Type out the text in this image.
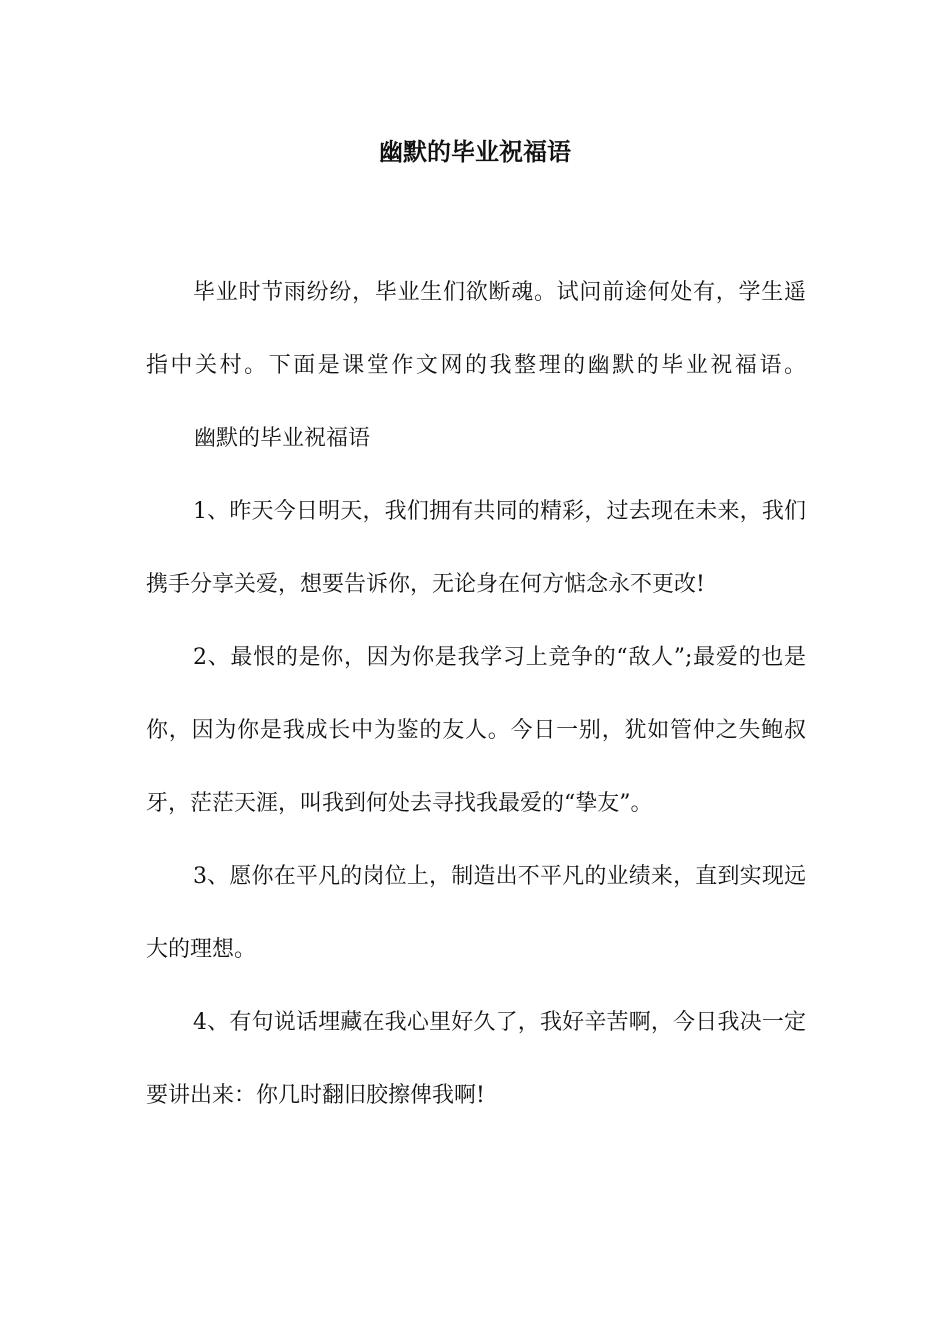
幽默的毕业祝福语

毕业时节雨纷纷，毕业生们欲断魂。试问前途何处有，学生遥指中关村。下面是课堂作文网的我整理的幽默的毕业祝福语。幽默的毕业祝福语

1、昨天今日明天，我们拥有共同的精彩，过去现在未来，我们携手分享关爱，想要告诉你，无论身在何方惦念永不更改!

2、最恨的是你，因为你是我学习上竞争的“敌人”;最爱的也是你，因为你是我成长中为鉴的友人。今日一别，犹如管仲之失鲍叔牙，茫茫天涯，叫我到何处去寻找我最爱的“挚友”。

3、愿你在平凡的岗位上，制造出不平凡的业绩来，直到实现远大的理想。

4、有句说话埋藏在我心里好久了，我好辛苦啊，今日我决一定要讲出来：你几时翻旧胶擦俾我啊!
